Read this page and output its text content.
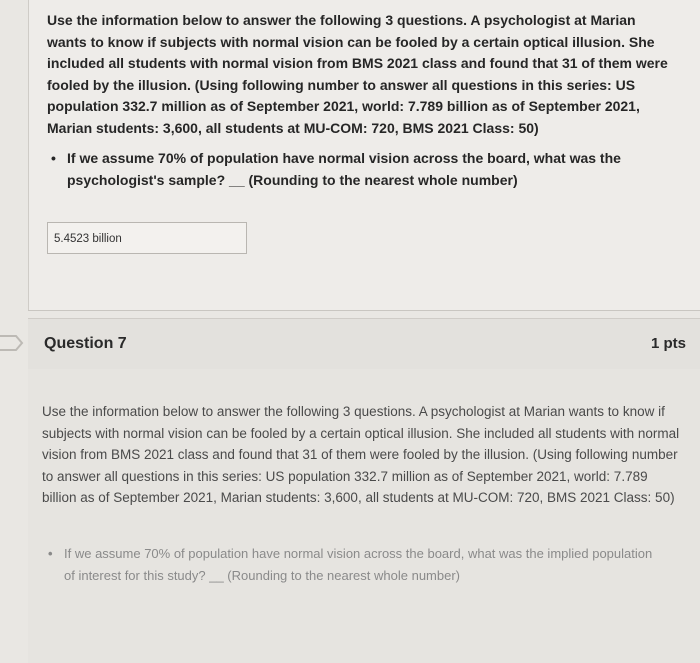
Use the information below to answer the following 3 questions. A psychologist at Marian wants to know if subjects with normal vision can be fooled by a certain optical illusion. She included all students with normal vision from BMS 2021 class and found that 31 of them were fooled by the illusion. (Using following number to answer all questions in this series: US population 332.7 million as of September 2021, world: 7.789 billion as of September 2021, Marian students: 3,600, all students at MU-COM: 720, BMS 2021 Class: 50)

• If we assume 70% of population have normal vision across the board, what was the psychologist's sample? __ (Rounding to the nearest whole number)
5.4523 billion
Question 7	1 pts

Use the information below to answer the following 3 questions. A psychologist at Marian wants to know if subjects with normal vision can be fooled by a certain optical illusion. She included all students with normal vision from BMS 2021 class and found that 31 of them were fooled by the illusion. (Using following number to answer all questions in this series: US population 332.7 million as of September 2021, world: 7.789 billion as of September 2021, Marian students: 3,600, all students at MU-COM: 720, BMS 2021 Class: 50)

• If we assume 70% of population have normal vision across the board, what was the implied population of interest for this study? __ (Rounding to the nearest whole number)
